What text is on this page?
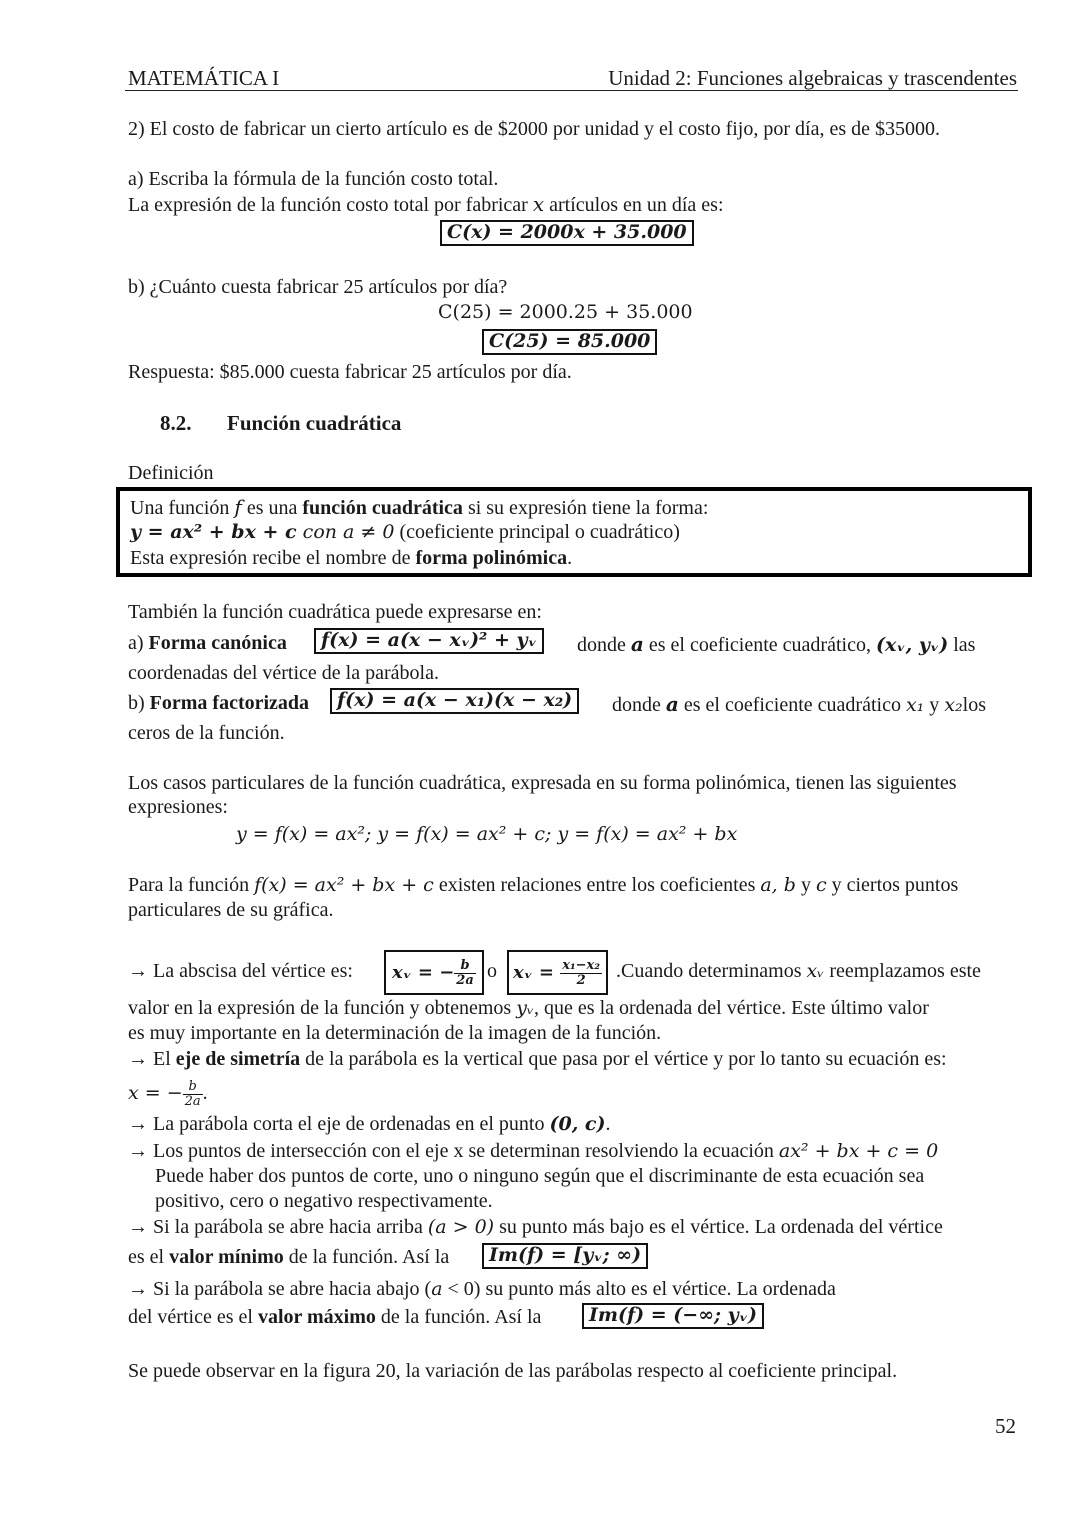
MATEMÁTICA I	Unidad 2: Funciones algebraicas y trascendentes
2) El costo de fabricar un cierto artículo es de $2000 por unidad y el costo fijo, por día, es de $35000.
a) Escriba la fórmula de la función costo total.
La expresión de la función costo total por fabricar x artículos en un día es:
C(x) = 2000x + 35.000
b) ¿Cuánto cuesta fabricar 25 artículos por día?
C(25) = 2000.25 + 35.000
C(25) = 85.000
Respuesta: $85.000 cuesta fabricar 25 artículos por día.
8.2. Función cuadrática
Definición
Una función f es una función cuadrática si su expresión tiene la forma:
y = ax² + bx + c con a ≠ 0 (coeficiente principal o cuadrático)
Esta expresión recibe el nombre de forma polinómica.
También la función cuadrática puede expresarse en:
a) Forma canónica	f(x) = a(x − xᵥ)² + yᵥ	donde a es el coeficiente cuadrático, (xᵥ, yᵥ) las
coordenadas del vértice de la parábola.
b) Forma factorizada	f(x) = a(x − x₁)(x − x₂)	donde a es el coeficiente cuadrático x₁ y x₂los
ceros de la función.
Los casos particulares de la función cuadrática, expresada en su forma polinómica, tienen las siguientes
expresiones:
y = f(x) = ax²; y = f(x) = ax² + c; y = f(x) = ax² + bx
Para la función f(x) = ax² + bx + c existen relaciones entre los coeficientes a, b y c y ciertos puntos
particulares de su gráfica.
→ La abscisa del vértice es:	xᵥ = − $\frac{b}{2a}$ o xᵥ = $\frac{\text{x₁−x₂}}{2}$ .Cuando determinamos xᵥ reemplazamos este
valor en la expresión de la función y obtenemos yᵥ, que es la ordenada del vértice. Este último valor
es muy importante en la determinación de la imagen de la función.
→ El eje de simetría de la parábola es la vertical que pasa por el vértice y por lo tanto su ecuación es:
x = − $\frac{b}{2a}$ .
→ La parábola corta el eje de ordenadas en el punto (0, c).
→ Los puntos de intersección con el eje x se determinan resolviendo la ecuación ax² + bx + c = 0
Puede haber dos puntos de corte, uno o ninguno según que el discriminante de esta ecuación sea
positivo, cero o negativo respectivamente.
→ Si la parábola se abre hacia arriba (a > 0) su punto más bajo es el vértice. La ordenada del vértice
es el valor mínimo de la función. Así la	Im(f) = [yᵥ; ∞)
→ Si la parábola se abre hacia abajo (a < 0) su punto más alto es el vértice. La ordenada
del vértice es el valor máximo de la función. Así la	Im(f) = (−∞; yᵥ)
Se puede observar en la figura 20, la variación de las parábolas respecto al coeficiente principal.
52
